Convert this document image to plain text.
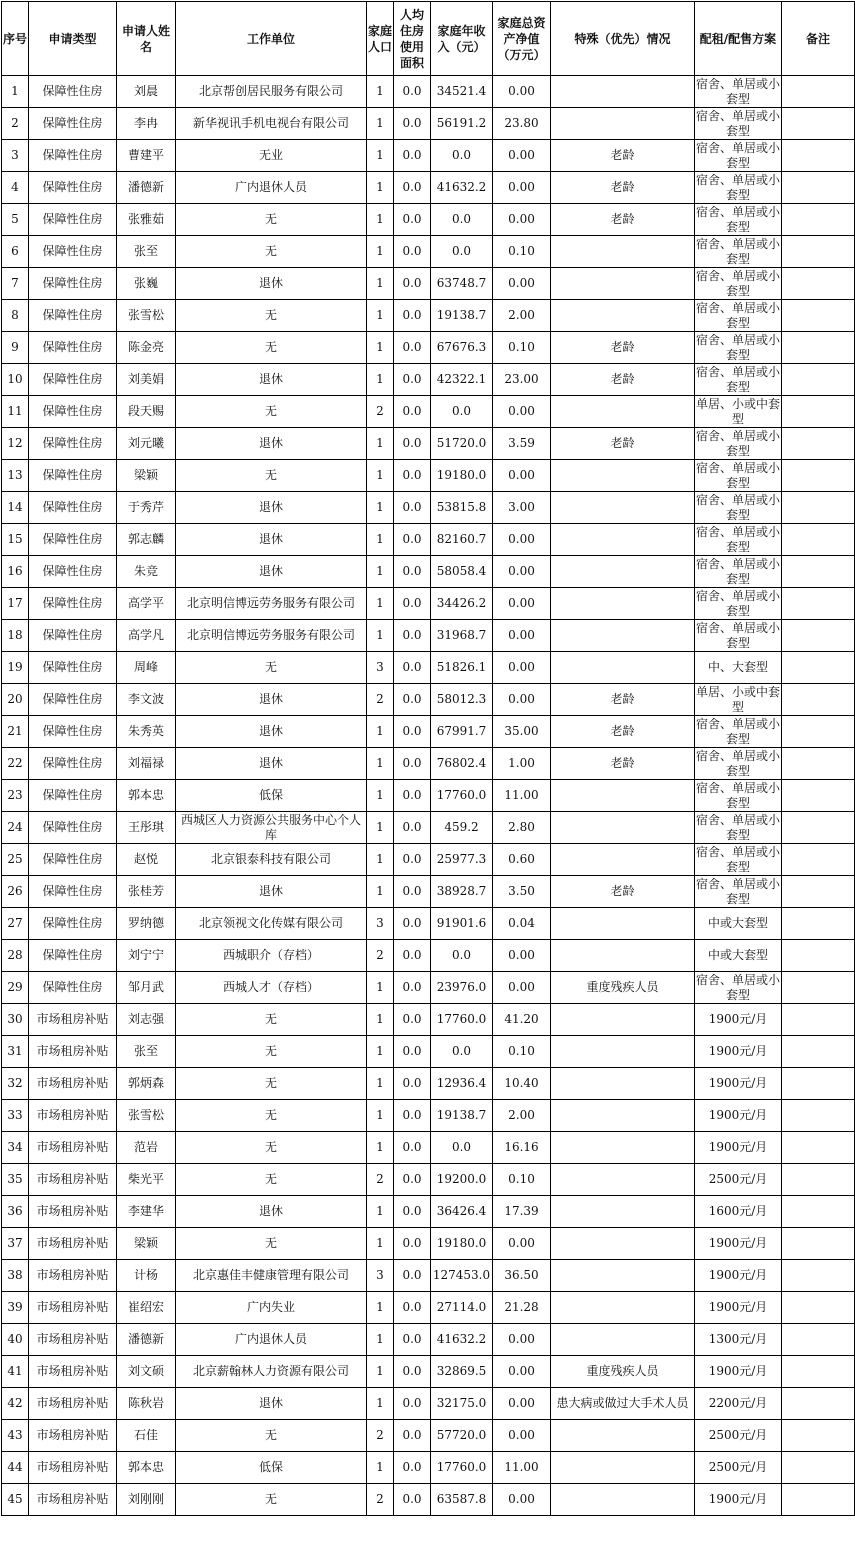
序号	申请类型	申请人姓名	工作单位	家庭人口	人均住房使用面积	家庭年收入（元）	家庭总资产净值（万元）	特殊（优先）情况	配租/配售方案	备注
1	保障性住房	刘晨	北京帮创居民服务有限公司	1	0.0	34521.4	0.00		宿舍、单居或小套型	
2	保障性住房	李冉	新华视讯手机电视台有限公司	1	0.0	56191.2	23.80		宿舍、单居或小套型	
3	保障性住房	曹建平	无业	1	0.0	0.0	0.00	老龄	宿舍、单居或小套型	
4	保障性住房	潘德新	广内退休人员	1	0.0	41632.2	0.00	老龄	宿舍、单居或小套型	
5	保障性住房	张雅茹	无	1	0.0	0.0	0.00	老龄	宿舍、单居或小套型	
6	保障性住房	张至	无	1	0.0	0.0	0.10		宿舍、单居或小套型	
7	保障性住房	张巍	退休	1	0.0	63748.7	0.00		宿舍、单居或小套型	
8	保障性住房	张雪松	无	1	0.0	19138.7	2.00		宿舍、单居或小套型	
9	保障性住房	陈金亮	无	1	0.0	67676.3	0.10	老龄	宿舍、单居或小套型	
10	保障性住房	刘美娟	退休	1	0.0	42322.1	23.00	老龄	宿舍、单居或小套型	
11	保障性住房	段天赐	无	2	0.0	0.0	0.00		单居、小或中套型	
12	保障性住房	刘元曦	退休	1	0.0	51720.0	3.59	老龄	宿舍、单居或小套型	
13	保障性住房	梁颖	无	1	0.0	19180.0	0.00		宿舍、单居或小套型	
14	保障性住房	于秀芹	退休	1	0.0	53815.8	3.00		宿舍、单居或小套型	
15	保障性住房	郭志麟	退休	1	0.0	82160.7	0.00		宿舍、单居或小套型	
16	保障性住房	朱竞	退休	1	0.0	58058.4	0.00		宿舍、单居或小套型	
17	保障性住房	高学平	北京明信博远劳务服务有限公司	1	0.0	34426.2	0.00		宿舍、单居或小套型	
18	保障性住房	高学凡	北京明信博远劳务服务有限公司	1	0.0	31968.7	0.00		宿舍、单居或小套型	
19	保障性住房	周峰	无	3	0.0	51826.1	0.00		中、大套型	
20	保障性住房	李文波	退休	2	0.0	58012.3	0.00	老龄	单居、小或中套型	
21	保障性住房	朱秀英	退休	1	0.0	67991.7	35.00	老龄	宿舍、单居或小套型	
22	保障性住房	刘福禄	退休	1	0.0	76802.4	1.00	老龄	宿舍、单居或小套型	
23	保障性住房	郭本忠	低保	1	0.0	17760.0	11.00		宿舍、单居或小套型	
24	保障性住房	王彤琪	西城区人力资源公共服务中心个人库	1	0.0	459.2	2.80		宿舍、单居或小套型	
25	保障性住房	赵悦	北京银泰科技有限公司	1	0.0	25977.3	0.60		宿舍、单居或小套型	
26	保障性住房	张桂芳	退休	1	0.0	38928.7	3.50	老龄	宿舍、单居或小套型	
27	保障性住房	罗纳德	北京领视文化传媒有限公司	3	0.0	91901.6	0.04		中或大套型	
28	保障性住房	刘宁宁	西城职介（存档）	2	0.0	0.0	0.00		中或大套型	
29	保障性住房	邹月武	西城人才（存档）	1	0.0	23976.0	0.00	重度残疾人员	宿舍、单居或小套型	
30	市场租房补贴	刘志强	无	1	0.0	17760.0	41.20		1900元/月	
31	市场租房补贴	张至	无	1	0.0	0.0	0.10		1900元/月	
32	市场租房补贴	郭炳森	无	1	0.0	12936.4	10.40		1900元/月	
33	市场租房补贴	张雪松	无	1	0.0	19138.7	2.00		1900元/月	
34	市场租房补贴	范岩	无	1	0.0	0.0	16.16		1900元/月	
35	市场租房补贴	柴光平	无	2	0.0	19200.0	0.10		2500元/月	
36	市场租房补贴	李建华	退休	1	0.0	36426.4	17.39		1600元/月	
37	市场租房补贴	梁颖	无	1	0.0	19180.0	0.00		1900元/月	
38	市场租房补贴	计杨	北京惠佳丰健康管理有限公司	3	0.0	127453.0	36.50		1900元/月	
39	市场租房补贴	崔绍宏	广内失业	1	0.0	27114.0	21.28		1900元/月	
40	市场租房补贴	潘德新	广内退休人员	1	0.0	41632.2	0.00		1300元/月	
41	市场租房补贴	刘文硕	北京薪翰林人力资源有限公司	1	0.0	32869.5	0.00	重度残疾人员	1900元/月	
42	市场租房补贴	陈秋岩	退休	1	0.0	32175.0	0.00	患大病或做过大手术人员	2200元/月	
43	市场租房补贴	石佳	无	2	0.0	57720.0	0.00		2500元/月	
44	市场租房补贴	郭本忠	低保	1	0.0	17760.0	11.00		2500元/月	
45	市场租房补贴	刘刚刚	无	2	0.0	63587.8	0.00		1900元/月	
